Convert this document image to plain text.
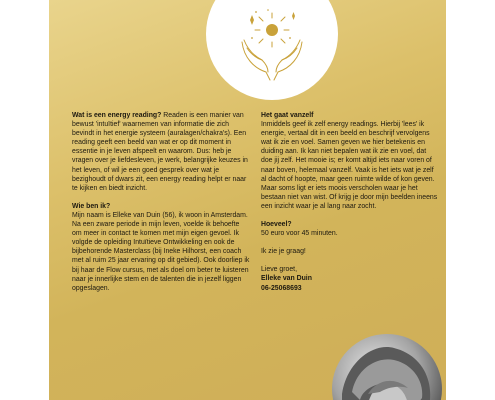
Wat is een energy reading? Readen is een manier van bewust 'intuïtief' waarnemen van informatie die zich bevindt in het energie systeem (auralagen/chakra's). Een reading geeft een beeld van wat er op dit moment in essentie in je leven afspeelt en waarom. Dus: heb je vragen over je liefdesleven, je werk, belangrijke keuzes in het leven, of wil je een goed gesprek over wat je bezighoudt of dwars zit, een energy reading helpt er naar te kijken en biedt inzicht.

Wie ben ik?

Mijn naam is Elleke van Duin (56), ik woon in Amsterdam. Na een zware periode in mijn leven, voelde ik behoefte om meer in contact te komen met mijn eigen gevoel. Ik volgde de opleiding Intuïtieve Ontwikkeling en ook de bijbehorende Masterclass (bij Ineke Hilhorst, een coach met al ruim 25 jaar ervaring op dit gebied). Ook doorliep ik bij haar de Flow cursus, met als doel om beter te luisteren naar je innerlijke stem en de talenten die in jezelf liggen opgeslagen.

Het gaat vanzelf

Inmiddels geef ik zelf energy readings. Hierbij 'lees' ik energie, vertaal dit in een beeld en beschrijf vervolgens wat ik zie en voel. Samen geven we hier betekenis en duiding aan. Ik kan niet bepalen wat ik zie en voel, dat doe jij zelf. Het mooie is; er komt altijd iets naar voren of naar boven, helemaal vanzelf. Vaak is het iets wat je zelf al dacht of hoopte, maar geen ruimte wilde of kon geven. Maar soms ligt er iets moois verscholen waar je het bestaan niet van wist. Of krijg je door mijn beelden ineens een inzicht waar je al lang naar zocht.

Hoeveel?

50 euro voor 45 minuten.

Ik zie je graag!

Lieve groet,

Elleke van Duin

06-25068693
